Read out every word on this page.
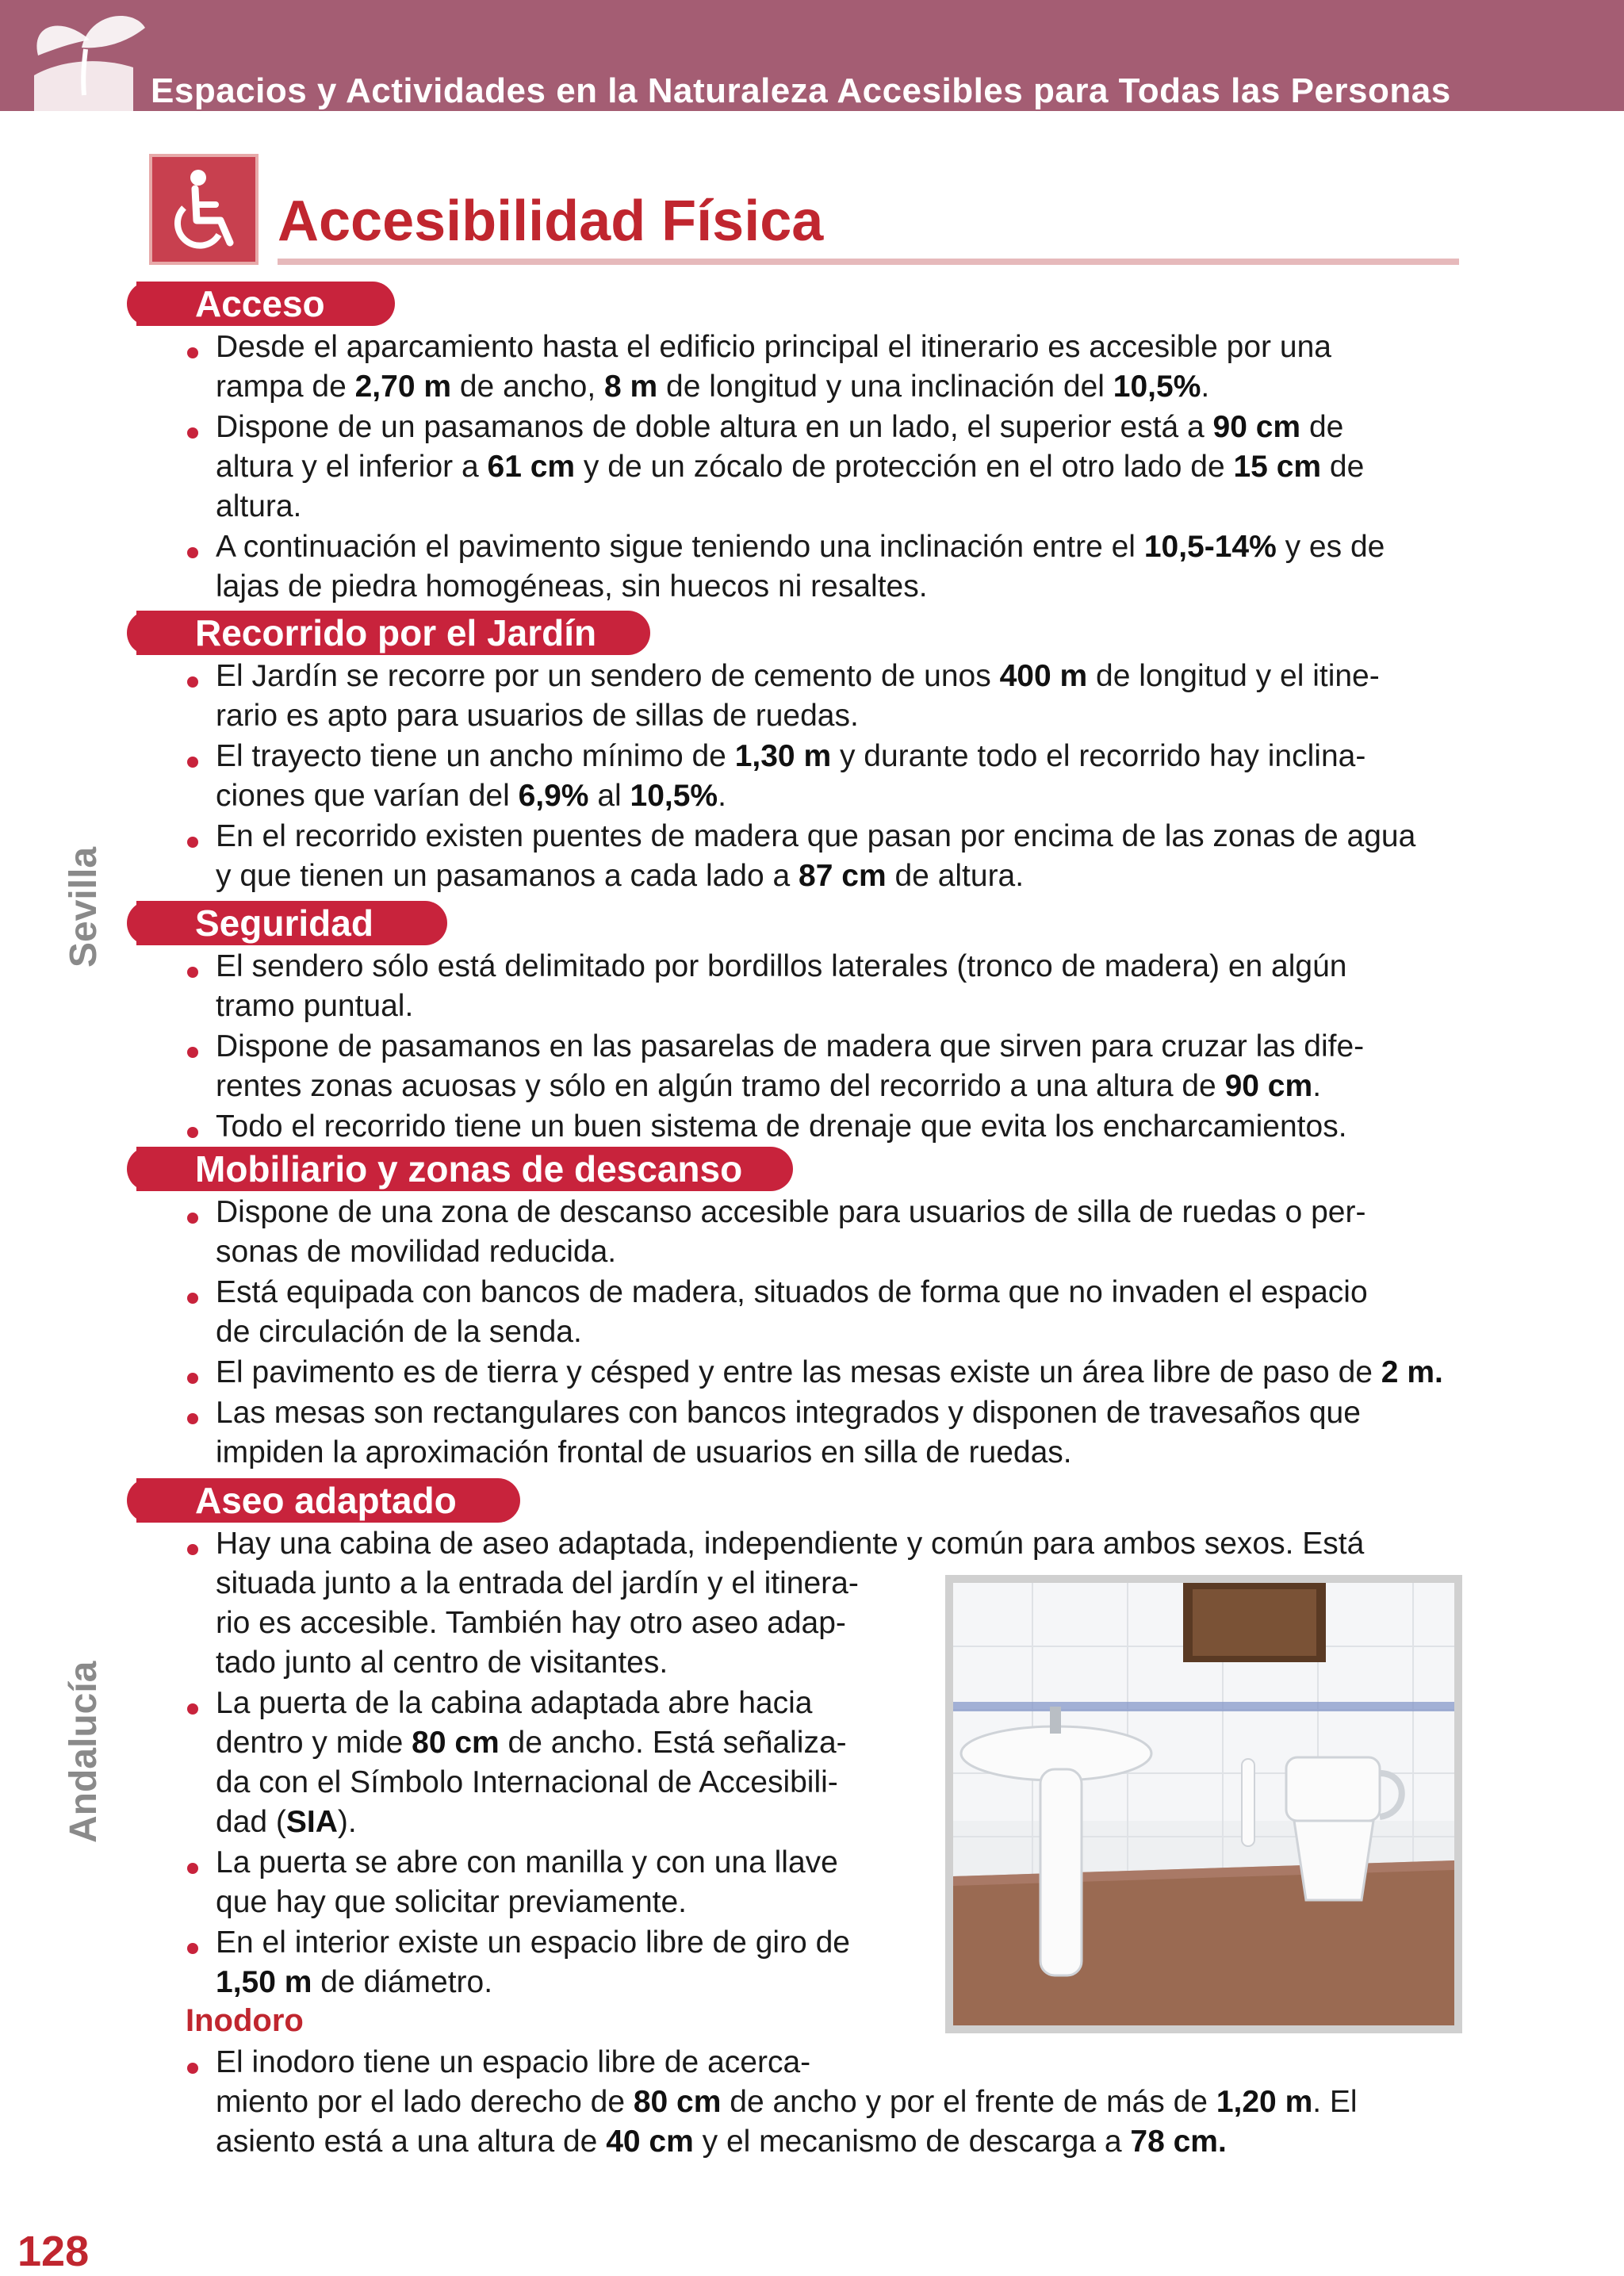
Espacios y Actividades en la Naturaleza Accesibles para Todas las Personas
Sevilla
Andalucía
Accesibilidad Física
Acceso
Desde el aparcamiento hasta el edificio principal el itinerario es accesible por una
rampa de 2,70 m de ancho, 8 m de longitud y una inclinación del 10,5%.
Dispone de un pasamanos de doble altura en un lado, el superior está a 90 cm de
altura y el inferior a 61 cm y de un zócalo de protección en el otro lado de 15 cm de
altura.
A continuación el pavimento sigue teniendo una inclinación entre el 10,5-14% y es de
lajas de piedra homogéneas, sin huecos ni resaltes.
Recorrido por el Jardín
El Jardín se recorre por un sendero de cemento de unos 400 m de longitud y el itine-
rario es apto para usuarios de sillas de ruedas.
El trayecto tiene un ancho mínimo de 1,30 m y durante todo el recorrido hay inclina-
ciones que varían del 6,9% al 10,5%.
En el recorrido existen puentes de madera que pasan por encima de las zonas de agua
y que tienen un pasamanos a cada lado a 87 cm de altura.
Seguridad
El sendero sólo está delimitado por bordillos laterales (tronco de madera) en algún
tramo puntual.
Dispone de pasamanos en las pasarelas de madera que sirven para cruzar las dife-
rentes zonas acuosas y sólo en algún tramo del recorrido a una altura de 90 cm.
Todo el recorrido tiene un buen sistema de drenaje que evita los encharcamientos.
Mobiliario y zonas de descanso
Dispone de una zona de descanso accesible para usuarios de silla de ruedas o per-
sonas de movilidad reducida.
Está equipada con bancos de madera, situados de forma que no invaden el espacio
de circulación de la senda.
El pavimento es de tierra y césped y entre las mesas existe un área libre de paso de 2 m.
Las mesas son rectangulares con bancos integrados y disponen de travesaños que
impiden la aproximación frontal de usuarios en silla de ruedas.
Aseo adaptado
Hay una cabina de aseo adaptada, independiente y común para ambos sexos. Está
situada junto a la entrada del jardín y el itinera-
rio es accesible. También hay otro aseo adap-
tado junto al centro de visitantes.
La puerta de la cabina adaptada abre hacia
dentro y mide 80 cm de ancho. Está señaliza-
da con el Símbolo Internacional de Accesibili-
dad (SIA).
La puerta se abre con manilla y con una llave
que hay que solicitar previamente.
En el interior existe un espacio libre de giro de
1,50 m de diámetro.
Inodoro
El inodoro tiene un espacio libre de acerca-
miento por el lado derecho de 80 cm de ancho y por el frente de más de 1,20 m. El
asiento está a una altura de 40 cm y el mecanismo de descarga a 78 cm.
128
